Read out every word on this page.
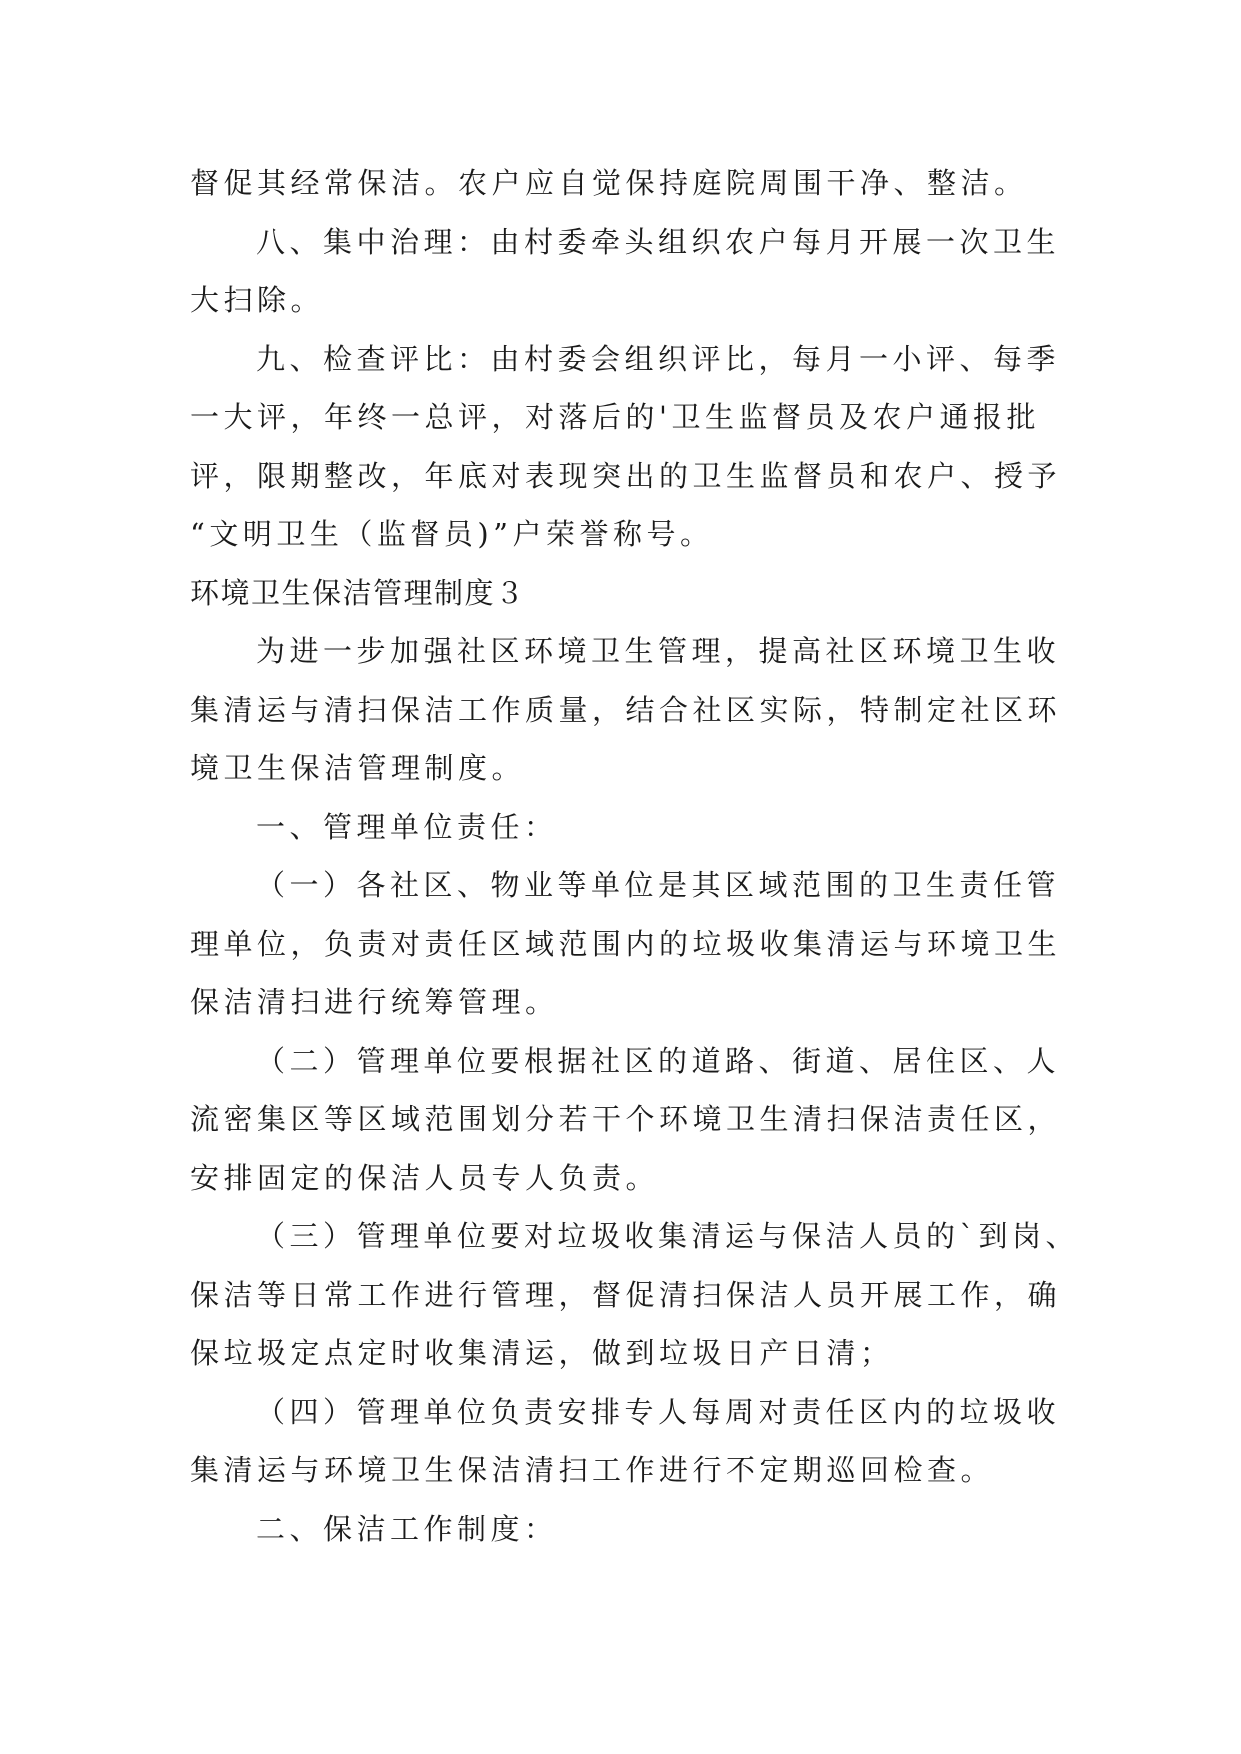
督促其经常保洁。农户应自觉保持庭院周围干净、整洁。
八、集中治理：由村委牵头组织农户每月开展一次卫生
大扫除。
九、检查评比：由村委会组织评比，每月一小评、每季
一大评，年终一总评，对落后的'卫生监督员及农户通报批
评，限期整改，年底对表现突出的卫生监督员和农户、授予
“文明卫生（监督员)”户荣誉称号。
环境卫生保洁管理制度３
为进一步加强社区环境卫生管理，提高社区环境卫生收
集清运与清扫保洁工作质量，结合社区实际，特制定社区环
境卫生保洁管理制度。
一、管理单位责任：
（一）各社区、物业等单位是其区域范围的卫生责任管
理单位，负责对责任区域范围内的垃圾收集清运与环境卫生
保洁清扫进行统筹管理。
（二）管理单位要根据社区的道路、街道、居住区、人
流密集区等区域范围划分若干个环境卫生清扫保洁责任区，
安排固定的保洁人员专人负责。
（三）管理单位要对垃圾收集清运与保洁人员的`到岗、
保洁等日常工作进行管理，督促清扫保洁人员开展工作，确
保垃圾定点定时收集清运，做到垃圾日产日清；
（四）管理单位负责安排专人每周对责任区内的垃圾收
集清运与环境卫生保洁清扫工作进行不定期巡回检查。
二、保洁工作制度：
